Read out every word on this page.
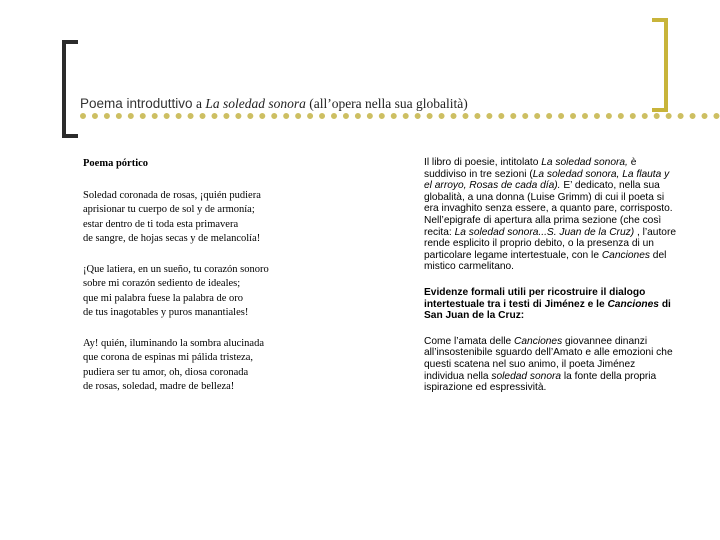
Poema introduttivo a La soledad sonora (all’opera nella sua globalità)
Poema pórtico
Soledad coronada de rosas, ¡quién pudiera
aprisionar tu cuerpo de sol y de armonía;
estar dentro de ti toda esta primavera
de sangre, de hojas secas y de melancolía!
¡Que latiera, en un sueño, tu corazón sonoro
sobre mi corazón sediento de ideales;
que mi palabra fuese la palabra de oro
de tus inagotables y puros manantiales!
Ay! quién, iluminando la sombra alucinada
que corona de espinas mi pálida tristeza,
pudiera ser tu amor, oh, diosa coronada
de rosas, soledad, madre de belleza!
Il libro di poesie, intitolato La soledad sonora, è suddiviso in tre sezioni (La soledad sonora, La flauta y el arroyo, Rosas de cada día). E’ dedicato, nella sua globalità, a una donna (Luise Grimm) di cui il poeta si era invaghito senza essere, a quanto pare, corrisposto. Nell’epigrafe di apertura alla prima sezione (che così recita: La soledad sonora...S. Juan de la Cruz) , l’autore rende esplicito il proprio debito, o la presenza di un particolare legame intertestuale, con le Canciones del mistico carmelitano.
Evidenze formali utili per ricostruire il dialogo intertestuale tra i testi di Jiménez e le Canciones di San Juan de la Cruz:
Come l’amata delle Canciones giovannee dinanzi all’insostenibile sguardo dell’Amato e alle emozioni che questi scatena nel suo animo, il poeta Jiménez individua nella soledad sonora la fonte della propria ispirazione ed espressività.
